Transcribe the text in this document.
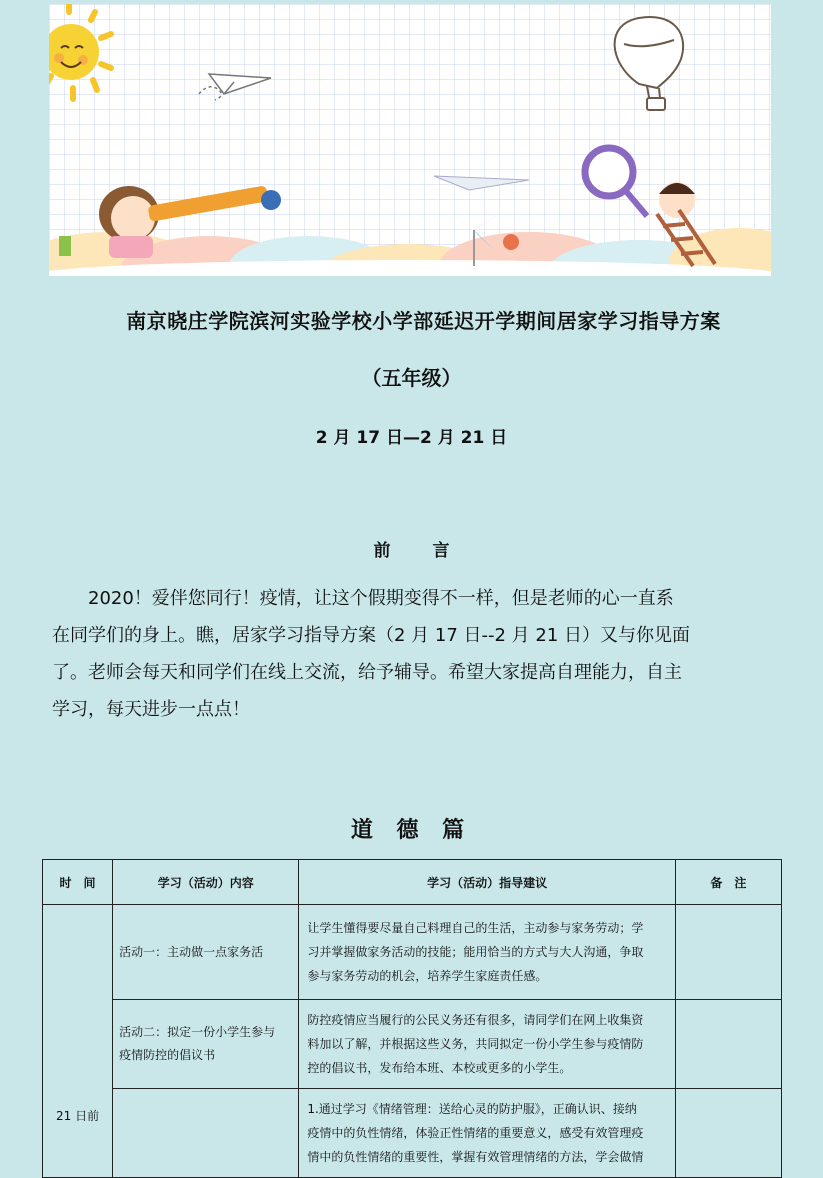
南京晓庄学院滨河实验学校小学部延迟开学期间居家学习指导方案
（五年级）
2 月 17 日—2 月 21 日
前 言
2020！爱伴您同行！疫情，让这个假期变得不一样，但是老师的心一直系
在同学们的身上。瞧，居家学习指导方案（2 月 17 日--2 月 21 日）又与你见面
了。老师会每天和同学们在线上交流，给予辅导。希望大家提高自理能力，自主
学习，每天进步一点点！
道 德 篇
时　间	学习（活动）内容	学习（活动）指导建议	备　注
21 日前	活动一：主动做一点家务活	让学生懂得要尽量自己料理自己的生活，主动参与家务劳动；学
习并掌握做家务活动的技能；能用恰当的方式与大人沟通，争取
参与家务劳动的机会，培养学生家庭责任感。	

	活动二：拟定一份小学生参与
疫情防控的倡议书	防控疫情应当履行的公民义务还有很多，请同学们在网上收集资
料加以了解，并根据这些义务，共同拟定一份小学生参与疫情防
控的倡议书，发布给本班、本校或更多的小学生。	

		1.通过学习《情绪管理：送给心灵的防护服》，正确认识、接纳
疫情中的负性情绪，体验正性情绪的重要意义，感受有效管理疫
情中的负性情绪的重要性，掌握有效管理情绪的方法，学会做情	
